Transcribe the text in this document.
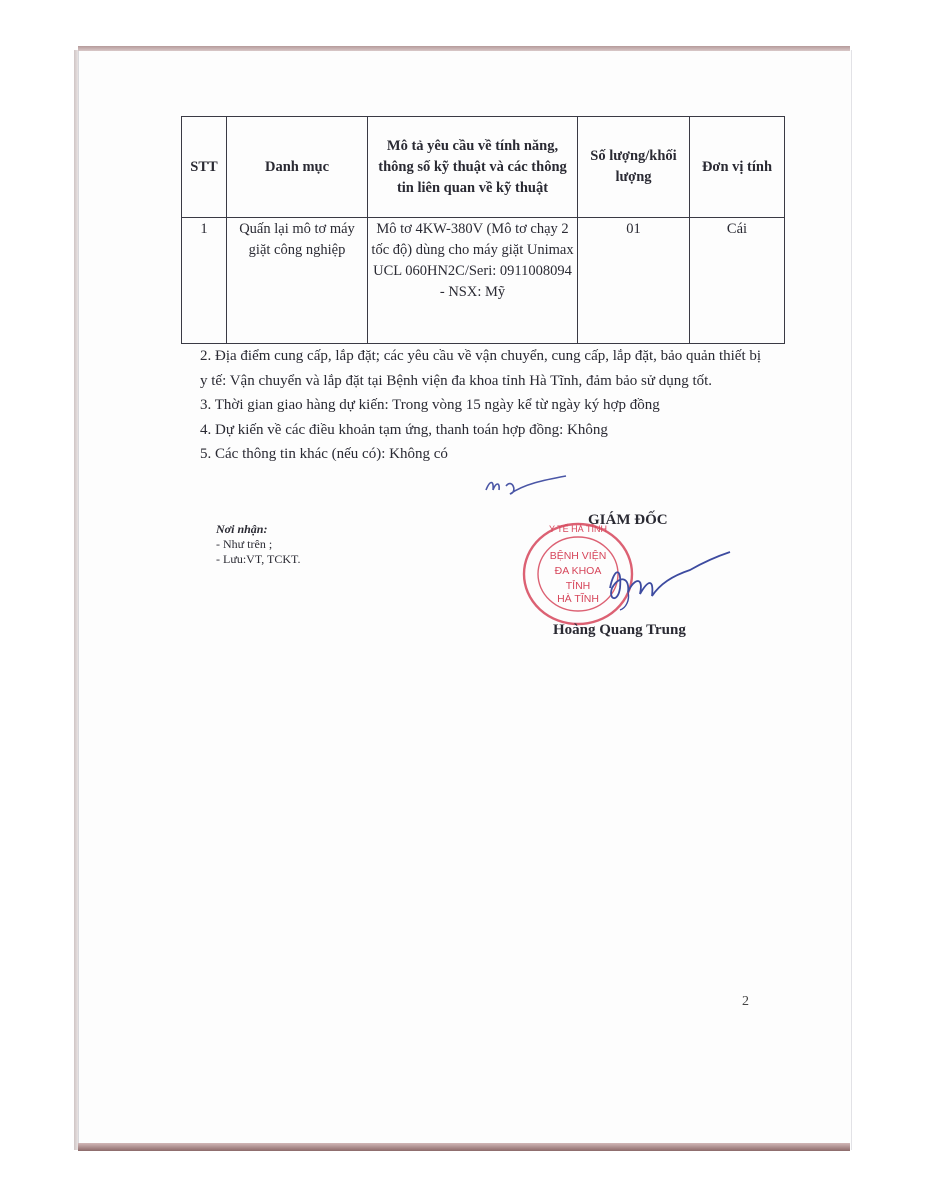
STT	Danh mục	Mô tả yêu cầu về tính năng, thông số kỹ thuật và các thông tin liên quan về kỹ thuật	Số lượng/khối lượng	Đơn vị tính
1	Quấn lại mô tơ máy giặt công nghiệp	Mô tơ 4KW-380V (Mô tơ chạy 2 tốc độ) dùng cho máy giặt Unimax UCL 060HN2C/Seri: 0911008094 - NSX: Mỹ	01	Cái

2. Địa điểm cung cấp, lắp đặt; các yêu cầu về vận chuyển, cung cấp, lắp đặt, bảo quản thiết bị y tế: Vận chuyển và lắp đặt tại Bệnh viện đa khoa tỉnh Hà Tĩnh, đảm bảo sử dụng tốt.

3. Thời gian giao hàng dự kiến: Trong vòng 15 ngày kể từ ngày ký hợp đồng

4. Dự kiến về các điều khoản tạm ứng, thanh toán hợp đồng: Không

5. Các thông tin khác (nếu có): Không có

Nơi nhận:
- Như trên ;
- Lưu:VT, TCKT.
Y TẾ HÀ TĨNH
BỆNH VIỆN
ĐA KHOA
TỈNH
HÀ TĨNH
GIÁM ĐỐC
Hoàng Quang Trung
2
